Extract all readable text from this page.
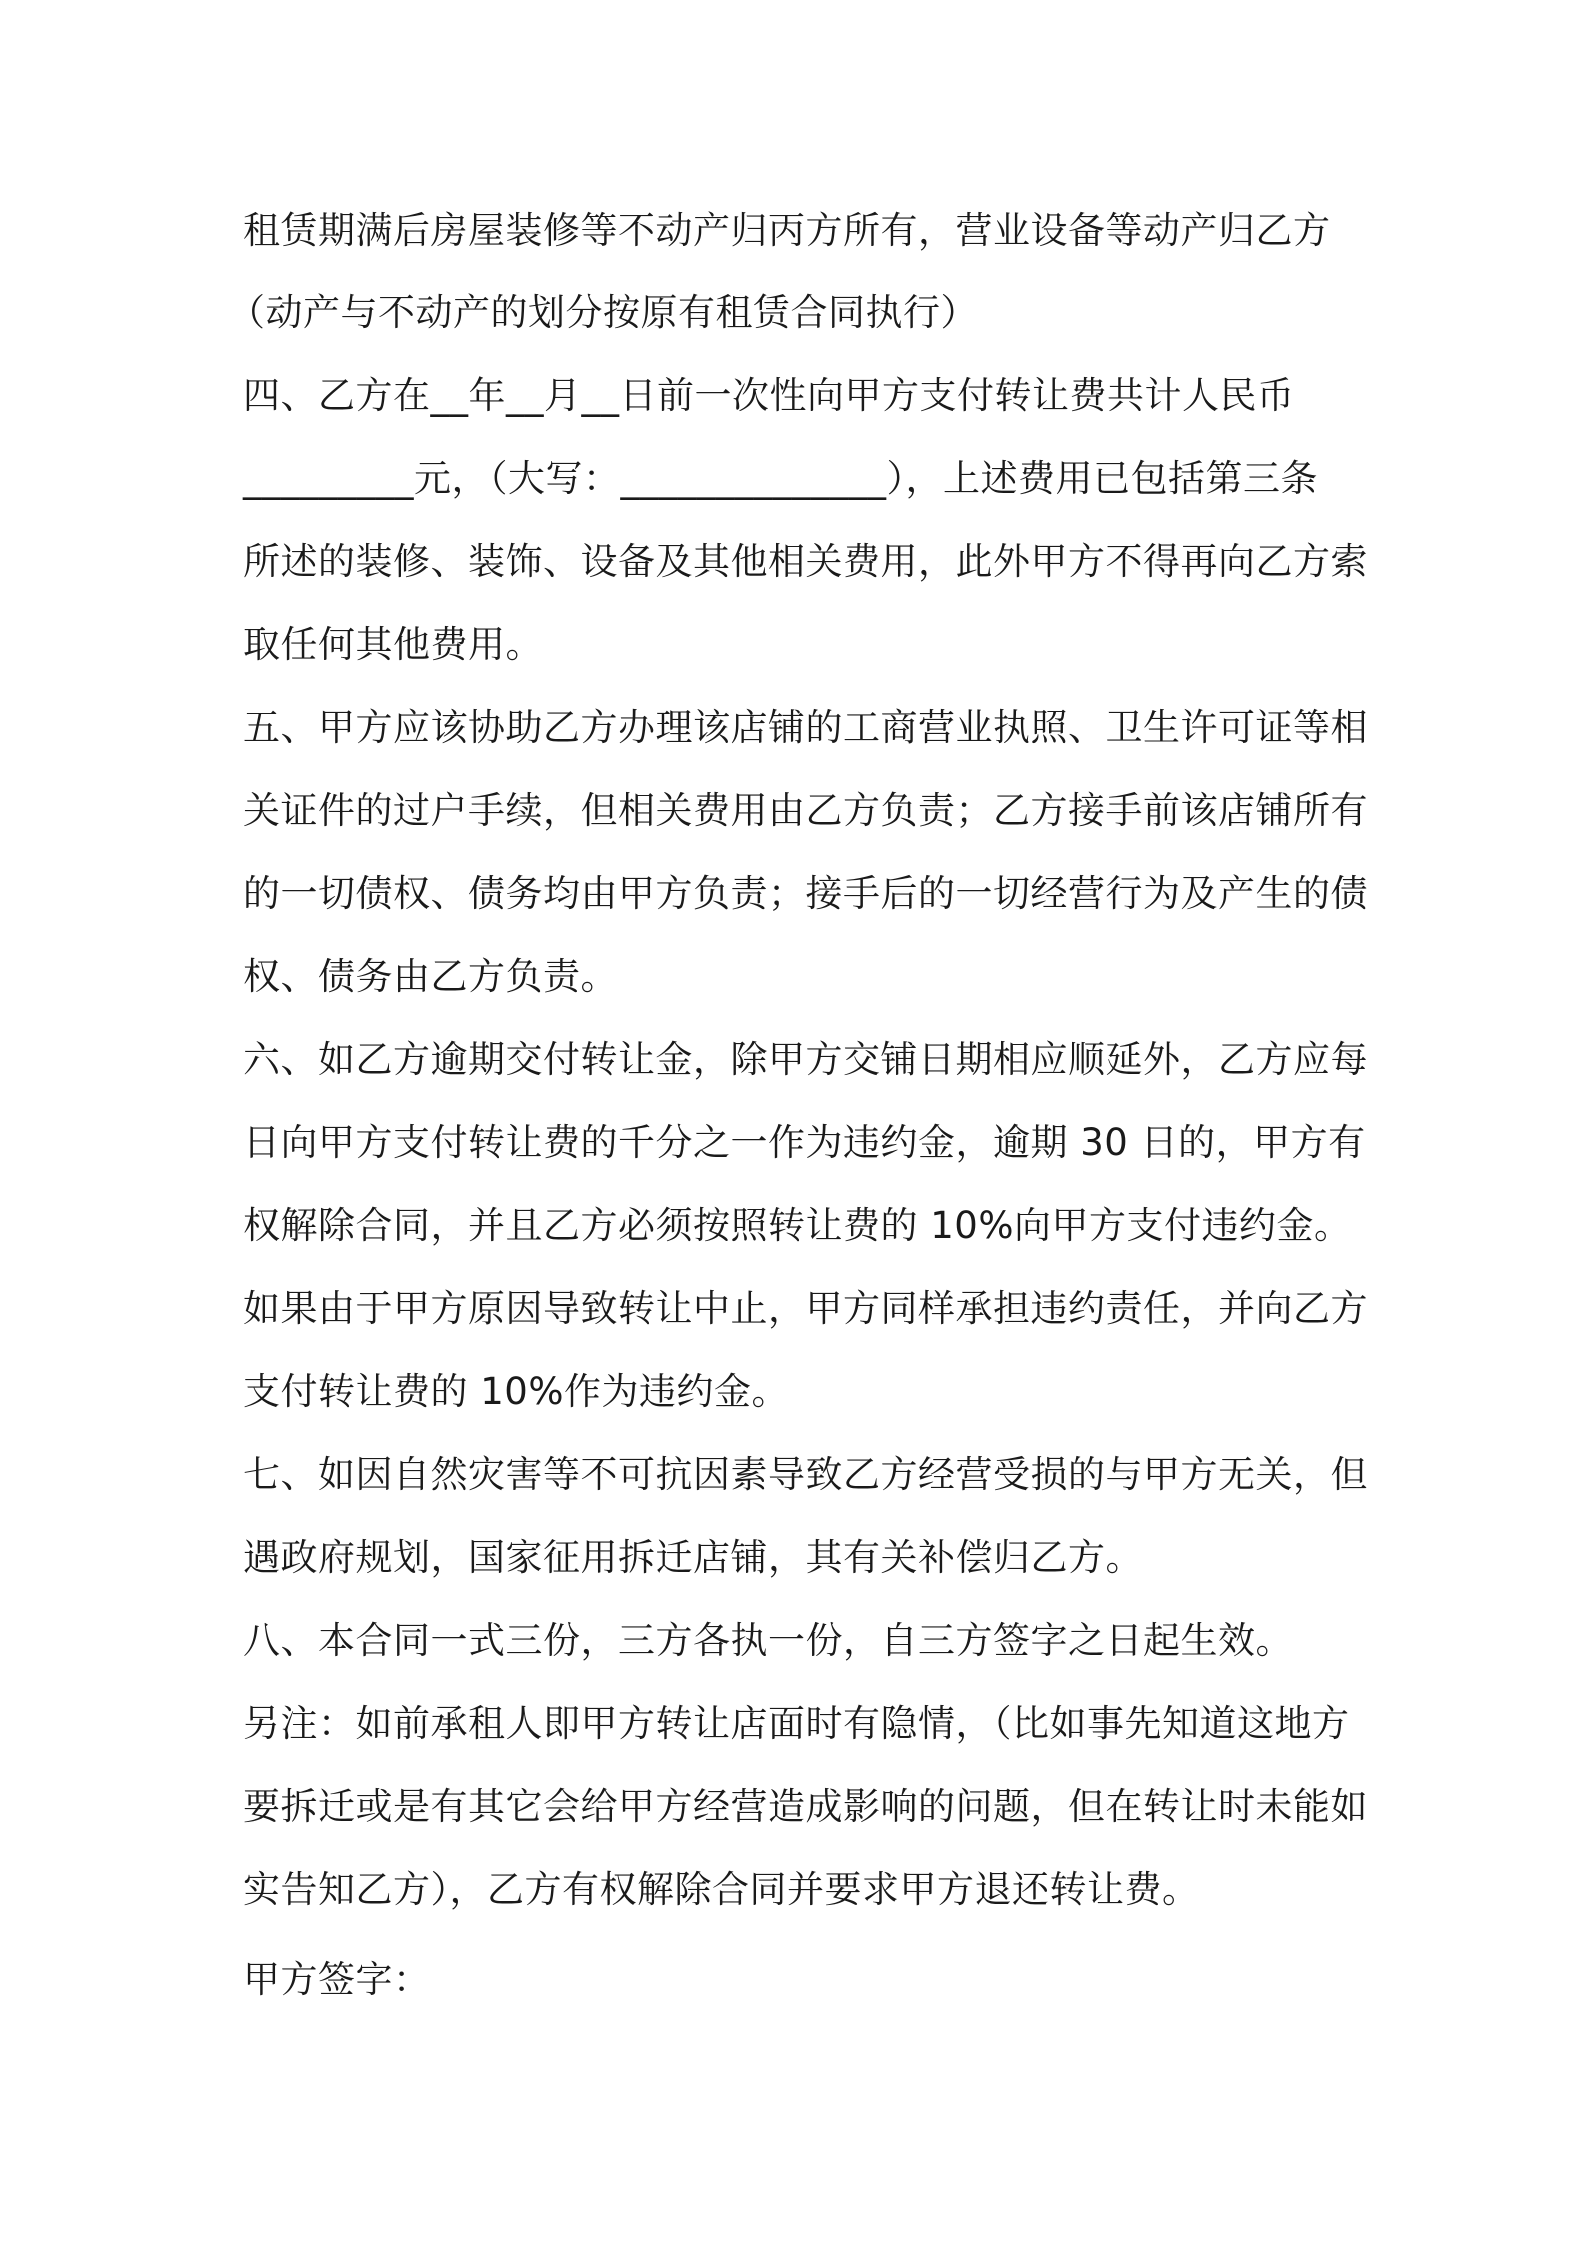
租赁期满后房屋装修等不动产归丙方所有，营业设备等动产归乙方
（动产与不动产的划分按原有租赁合同执行）
四、乙方在__年__月__日前一次性向甲方支付转让费共计人民币
_________元，（大写：______________），上述费用已包括第三条
所述的装修、装饰、设备及其他相关费用，此外甲方不得再向乙方索
取任何其他费用。
五、甲方应该协助乙方办理该店铺的工商营业执照、卫生许可证等相
关证件的过户手续，但相关费用由乙方负责；乙方接手前该店铺所有
的一切债权、债务均由甲方负责；接手后的一切经营行为及产生的债
权、债务由乙方负责。
六、如乙方逾期交付转让金，除甲方交铺日期相应顺延外，乙方应每
日向甲方支付转让费的千分之一作为违约金，逾期 30 日的，甲方有
权解除合同，并且乙方必须按照转让费的 10%向甲方支付违约金。
如果由于甲方原因导致转让中止，甲方同样承担违约责任，并向乙方
支付转让费的 10%作为违约金。
七、如因自然灾害等不可抗因素导致乙方经营受损的与甲方无关，但
遇政府规划，国家征用拆迁店铺，其有关补偿归乙方。
八、本合同一式三份，三方各执一份，自三方签字之日起生效。
另注：如前承租人即甲方转让店面时有隐情，（比如事先知道这地方
要拆迁或是有其它会给甲方经营造成影响的问题，但在转让时未能如
实告知乙方），乙方有权解除合同并要求甲方退还转让费。
甲方签字：
